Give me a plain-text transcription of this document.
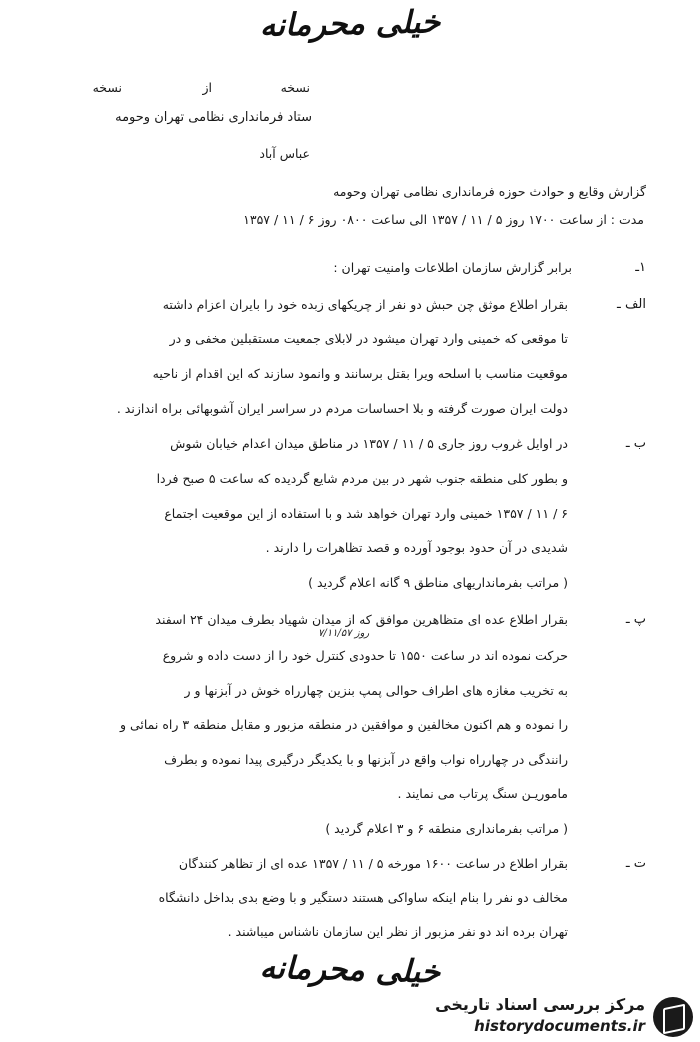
خیلی محرمانه
نسخه
از
نسخه
ستاد فرمانداری نظامی تهران وحومه
عباس آباد
گزارش وقایع و حوادث حوزه فرمانداری نظامی تهران وحومه
مدت : از ساعت ۱۷۰۰ روز ۵ / ۱۱ / ۱۳۵۷ الی ساعت ۰۸۰۰ روز ۶ / ۱۱ / ۱۳۵۷
۱ـ
برابر گزارش سازمان اطلاعات وامنیت تهران :
الف ـ
بقرار اطلاع موثق چن حبش دو نفر از چریکهای زبده خود را بایران اعزام داشته
تا موقعی که خمینی وارد تهران میشود در لابلای جمعیت مستقبلین مخفی و در
موقعیت مناسب با اسلحه ویرا بقتل برسانند و وانمود سازند که این اقدام از ناحیه
دولت ایران صورت گرفته و بلا احساسات مردم در سراسر ایران آشوبهائی براه اندازند .
ب ـ
در اوایل غروب روز جاری ۵ / ۱۱ / ۱۳۵۷ در مناطق میدان اعدام خیابان شوش
و بطور کلی منطقه جنوب شهر در بین مردم شایع گردیده که ساعت ۵ صبح فردا
۶ / ۱۱ / ۱۳۵۷ خمینی وارد تهران خواهد شد و با استفاده از این موقعیت اجتماع
شدیدی در آن حدود بوجود آورده و قصد تظاهرات را دارند .
( مراتب بفرمانداریهای مناطق ۹ گانه اعلام گردید )
پ ـ
بقرار اطلاع عده ای متظاهرین موافق که از میدان شهیاد بطرف میدان ۲۴ اسفند
روز ۷/۱۱/۵۷
حرکت نموده اند در ساعت ۱۵۵۰ تا حدودی کنترل خود را از دست داده و شروع
به تخریب مغازه های اطراف حوالی پمپ بنزین چهارراه خوش در آبزنها و ر
را نموده و هم اکنون مخالفین و موافقین در منطقه مزبور و مقابل منطقه ۳ راه نمائی و
رانندگی در چهارراه نواب واقع در آبزنها و با یکدیگر درگیری پیدا نموده و بطرف
ماموریـن سنگ پرتاب می نمایند .
( مراتب بفرمانداری منطقه ۶ و ۳ اعلام گردید )
ت ـ
بقرار اطلاع در ساعت ۱۶۰۰ مورخه ۵ / ۱۱ / ۱۳۵۷ عده ای از تظاهر کنندگان
مخالف دو نفر را بنام اینکه ساواکی هستند دستگیر و با وضع بدی بداخل دانشگاه
تهران برده اند دو نفر مزبور از نظر این سازمان ناشناس میباشند .
خیلی محرمانه
مرکز بررسی اسناد تاریخی
historydocuments.ir
